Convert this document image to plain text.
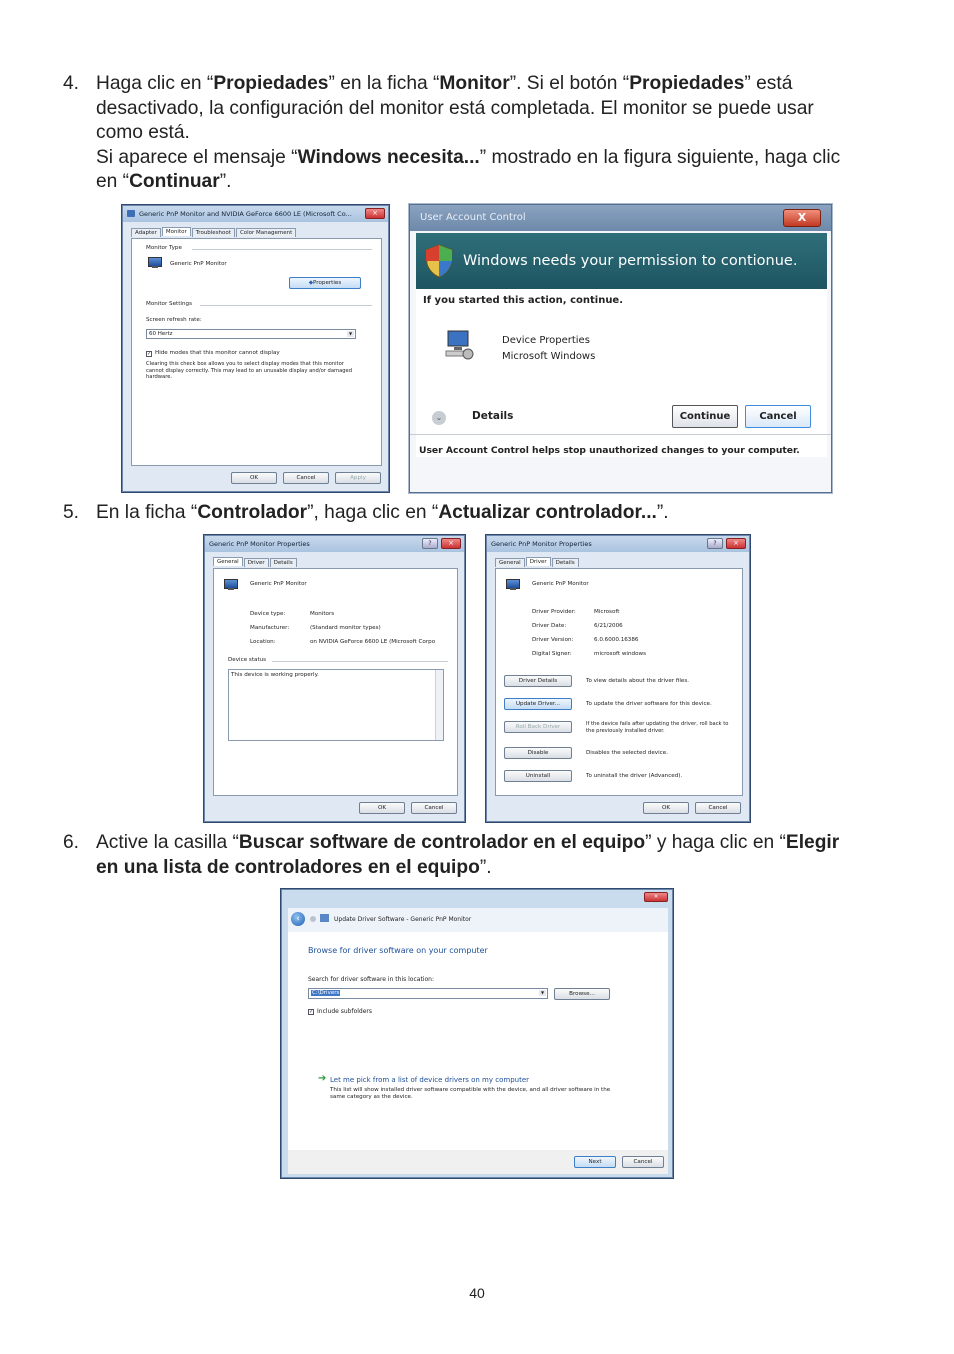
4. Haga clic en “Propiedades” en la ficha “Monitor”. Si el botón “Propiedades” está
desactivado, la configuración del monitor está completada. El monitor se puede usar
como está.
Si aparece el mensaje “Windows necesita...” mostrado en la figura siguiente, haga clic
en “Continuar”.
Generic PnP Monitor and NVIDIA GeForce 6600 LE (Microsoft Co...	×
Adapter	Monitor	Troubleshoot	Color Management
Monitor Type
Generic PnP Monitor
◆Properties
Monitor Settings
Screen refresh rate:
60 Hertz	▼
✓ Hide modes that this monitor cannot display
Clearing this check box allows you to select display modes that this monitor cannot display correctly. This may lead to an unusable display and/or damaged hardware.
OK	Cancel	Apply
User Account Control	X
Windows needs your permission to contionue.
If you started this action, continue.
Device Properties
Microsoft Windows
⌄	Details	Continue	Cancel
User Account Control helps stop unauthorized changes to your computer.
5. En la ficha “Controlador”, haga clic en “Actualizar controlador...”.
Generic PnP Monitor Properties	?	×
General	Driver	Details
Generic PnP Monitor
Device type:	Monitors
Manufacturer:	(Standard monitor types)
Location:	on NVIDIA GeForce 6600 LE (Microsoft Corpo
Device status
This device is working properly.
OK	Cancel
Generic PnP Monitor Properties	?	×
General	Driver	Details
Generic PnP Monitor
Driver Provider:	Microsoft
Driver Date:	6/21/2006
Driver Version:	6.0.6000.16386
Digital Signer:	microsoft windows
Driver Details	To view details about the driver files.
Update Driver...	To update the driver software for this device.
Roll Back Driver	If the device fails after updating the driver, roll back to the previously installed driver.
Disable	Disables the selected device.
Uninstall	To uninstall the driver (Advanced).
OK	Cancel
6. Active la casilla “Buscar software de controlador en el equipo” y haga clic en “Elegir
en una lista de controladores en el equipo”.
×
‹	Update Driver Software - Generic PnP Monitor
Browse for driver software on your computer
Search for driver software in this location:
C:\Drivers	▼	Browse...
✓ Include subfolders
➔ Let me pick from a list of device drivers on my computer
This list will show installed driver software compatible with the device, and all driver software in the same category as the device.
Next	Cancel
40
